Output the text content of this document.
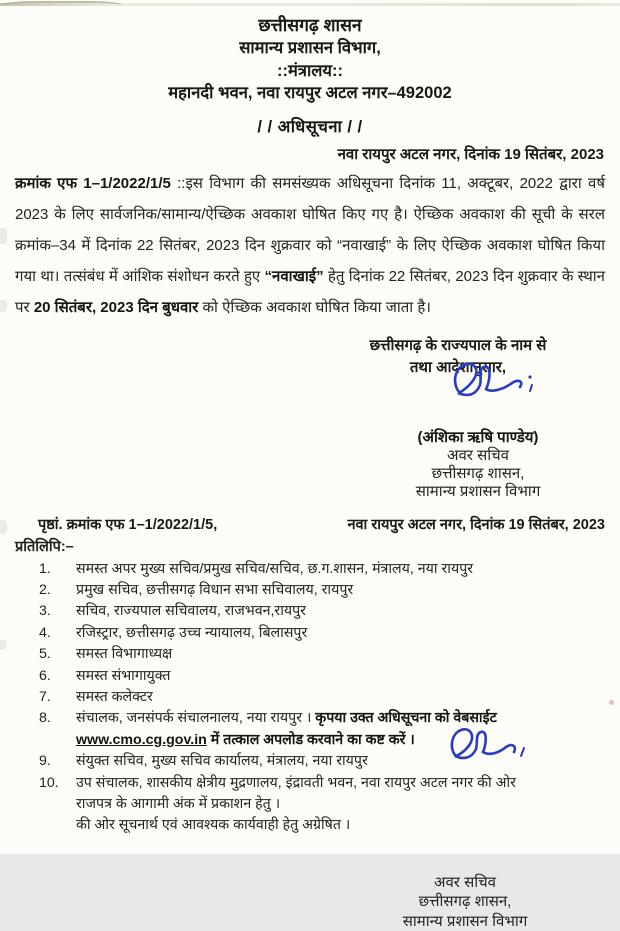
छत्तीसगढ़ शासन
सामान्य प्रशासन विभाग,
::मंत्रालय::
महानदी भवन, नवा रायपुर अटल नगर–492002
/ / अधिसूचना / /
नवा रायपुर अटल नगर, दिनांक 19 सितंबर, 2023
क्रमांक एफ 1–1/2022/1/5 ::इस विभाग की समसंख्यक अधिसूचना दिनांक 11, अक्टूबर, 2022 द्वारा वर्ष 2023 के लिए सार्वजनिक/सामान्य/ऐच्छिक अवकाश घोषित किए गए है। ऐच्छिक अवकाश की सूची के सरल क्रमांक–34 में दिनांक 22 सितंबर, 2023 दिन शुक्रवार को “नवाखाई” के लिए ऐच्छिक अवकाश घोषित किया गया था। तत्संबंध में आंशिक संशोधन करते हुए “नवाखाई” हेतु दिनांक 22 सितंबर, 2023 दिन शुक्रवार के स्थान पर 20 सितंबर, 2023 दिन बुधवार को ऐच्छिक अवकाश घोषित किया जाता है।
छत्तीसगढ़ के राज्यपाल के नाम से
तथा आदेशानुसार,
(अंशिका ऋषि पाण्डेय)
अवर सचिव
छत्तीसगढ़ शासन,
सामान्य प्रशासन विभाग
पृष्ठां. क्रमांक एफ 1–1/2022/1/5,	नवा रायपुर अटल नगर, दिनांक 19 सितंबर, 2023
प्रतिलिपि:–
1.	समस्त अपर मुख्य सचिव/प्रमुख सचिव/सचिव, छ.ग.शासन, मंत्रालय, नया रायपुर
2.	प्रमुख सचिव, छत्तीसगढ़ विधान सभा सचिवालय, रायपुर
3.	सचिव, राज्यपाल सचिवालय, राजभवन,रायपुर
4.	रजिस्ट्रार, छत्तीसगढ़ उच्च न्यायालय, बिलासपुर
5.	समस्त विभागाध्यक्ष
6.	समस्त संभागायुक्त
7.	समस्त कलेक्टर
8.	संचालक, जनसंपर्क संचालनालय, नया रायपुर । कृपया उक्त अधिसूचना को वेबसाईट www.cmo.cg.gov.in में तत्काल अपलोड करवाने का कष्ट करें ।
9.	संयुक्त सचिव, मुख्य सचिव कार्यालय, मंत्रालय, नया रायपुर
10.	उप संचालक, शासकीय क्षेत्रीय मुद्रणालय, इंद्रावती भवन, नवा रायपुर अटल नगर की ओर
राजपत्र के आगामी अंक में प्रकाशन हेतु ।
की ओर सूचनार्थ एवं आवश्यक कार्यवाही हेतु अग्रेषित ।
अवर सचिव
छत्तीसगढ़ शासन,
सामान्य प्रशासन विभाग
